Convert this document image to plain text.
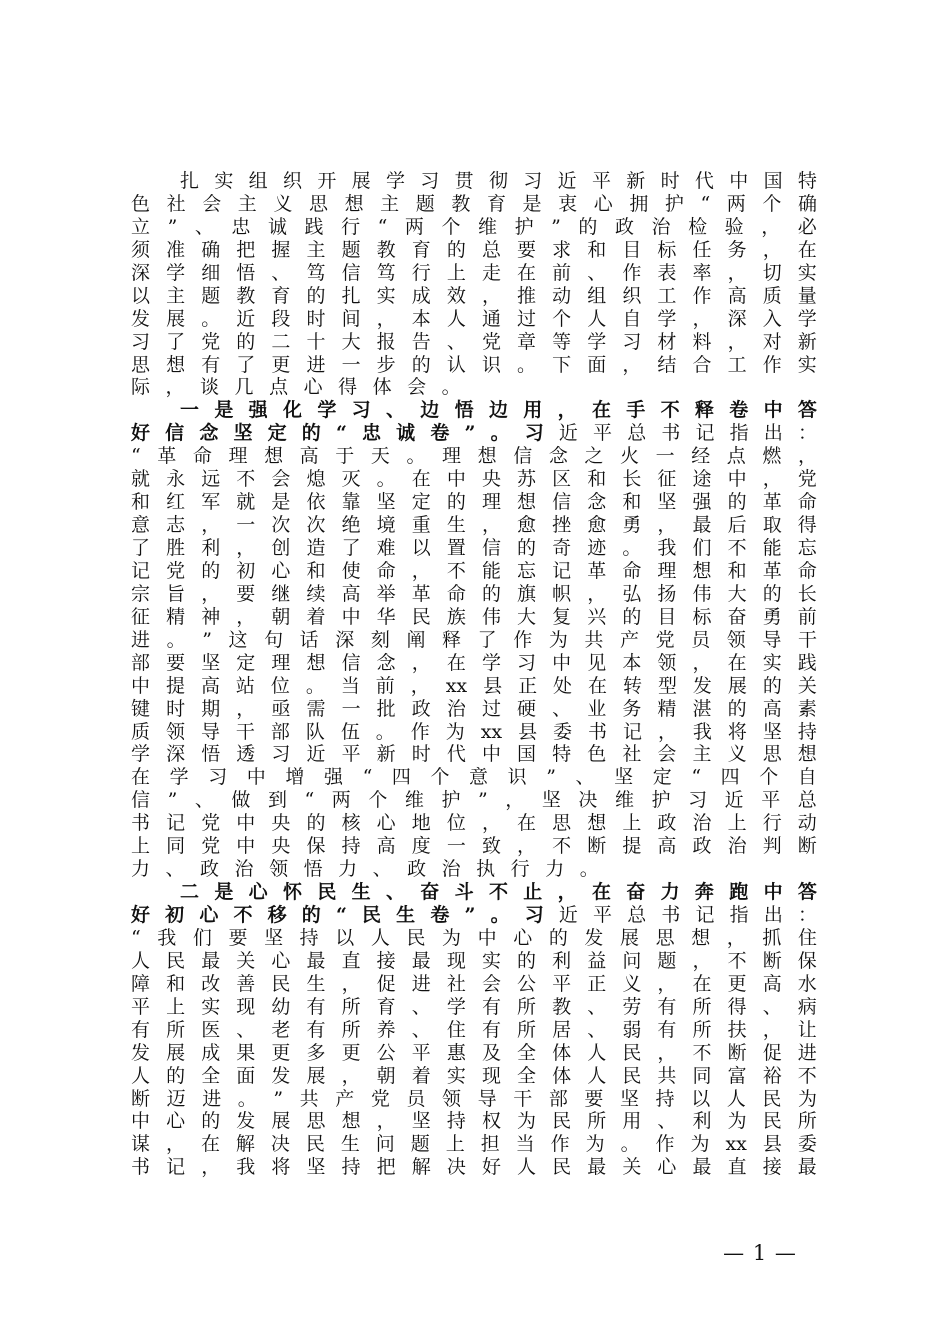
扎 实 组 织 开 展 学 习 贯 彻 习 近 平 新 时 代 中 国 特
色 社 会 主 义 思 想 主 题 教 育 是 衷 心 拥 护 “ 两 个 确
立 ” 、 忠 诚 践 行 “ 两 个 维 护 ” 的 政 治 检 验 ， 必
须 准 确 把 握 主 题 教 育 的 总 要 求 和 目 标 任 务 ， 在
深 学 细 悟 、 笃 信 笃 行 上 走 在 前 、 作 表 率 ， 切 实
以 主 题 教 育 的 扎 实 成 效 ， 推 动 组 织 工 作 高 质 量
发 展 。 近 段 时 间 ， 本 人 通 过 个 人 自 学 ， 深 入 学
习 了 党 的 二 十 大 报 告 、 党 章 等 学 习 材 料 ， 对 新
思 想 有 了 更 进 一 步 的 认 识 。 下 面 ， 结 合 工 作 实
际 ， 谈 几 点 心 得 体 会 。
一 是 强 化 学 习 、 边 悟 边 用 ， 在 手 不 释 卷 中 答
好 信 念 坚 定 的 “ 忠 诚 卷 ” 。 习 近 平 总 书 记 指 出 ：
“ 革 命 理 想 高 于 天 。 理 想 信 念 之 火 一 经 点 燃 ，
就 永 远 不 会 熄 灭 。 在 中 央 苏 区 和 长 征 途 中 ， 党
和 红 军 就 是 依 靠 坚 定 的 理 想 信 念 和 坚 强 的 革 命
意 志 ， 一 次 次 绝 境 重 生 ， 愈 挫 愈 勇 ， 最 后 取 得
了 胜 利 ， 创 造 了 难 以 置 信 的 奇 迹 。 我 们 不 能 忘
记 党 的 初 心 和 使 命 ， 不 能 忘 记 革 命 理 想 和 革 命
宗 旨 ， 要 继 续 高 举 革 命 的 旗 帜 ， 弘 扬 伟 大 的 长
征 精 神 ， 朝 着 中 华 民 族 伟 大 复 兴 的 目 标 奋 勇 前
进 。 ” 这 句 话 深 刻 阐 释 了 作 为 共 产 党 员 领 导 干
部 要 坚 定 理 想 信 念 ， 在 学 习 中 见 本 领 ， 在 实 践
中 提 高 站 位 。 当 前 ， xx 县 正 处 在 转 型 发 展 的 关
键 时 期 ， 亟 需 一 批 政 治 过 硬 、 业 务 精 湛 的 高 素
质 领 导 干 部 队 伍 。 作 为 xx 县 委 书 记 ， 我 将 坚 持
学 深 悟 透 习 近 平 新 时 代 中 国 特 色 社 会 主 义 思 想
在 学 习 中 增 强 “ 四 个 意 识 ” 、 坚 定 “ 四 个 自
信 ” 、 做 到 “ 两 个 维 护 ” ， 坚 决 维 护 习 近 平 总
书 记 党 中 央 的 核 心 地 位 ， 在 思 想 上 政 治 上 行 动
上 同 党 中 央 保 持 高 度 一 致 ， 不 断 提 高 政 治 判 断
力 、 政 治 领 悟 力 、 政 治 执 行 力 。
二 是 心 怀 民 生 、 奋 斗 不 止 ， 在 奋 力 奔 跑 中 答
好 初 心 不 移 的 “ 民 生 卷 ” 。 习 近 平 总 书 记 指 出 ：
“ 我 们 要 坚 持 以 人 民 为 中 心 的 发 展 思 想 ， 抓 住
人 民 最 关 心 最 直 接 最 现 实 的 利 益 问 题 ， 不 断 保
障 和 改 善 民 生 ， 促 进 社 会 公 平 正 义 ， 在 更 高 水
平 上 实 现 幼 有 所 育 、 学 有 所 教 、 劳 有 所 得 、 病
有 所 医 、 老 有 所 养 、 住 有 所 居 、 弱 有 所 扶 ， 让
发 展 成 果 更 多 更 公 平 惠 及 全 体 人 民 ， 不 断 促 进
人 的 全 面 发 展 ， 朝 着 实 现 全 体 人 民 共 同 富 裕 不
断 迈 进 。 ” 共 产 党 员 领 导 干 部 要 坚 持 以 人 民 为
中 心 的 发 展 思 想 ， 坚 持 权 为 民 所 用 、 利 为 民 所
谋 ， 在 解 决 民 生 问 题 上 担 当 作 为 。 作 为 xx 县 委
书 记 ， 我 将 坚 持 把 解 决 好 人 民 最 关 心 最 直 接 最
— 1 —
